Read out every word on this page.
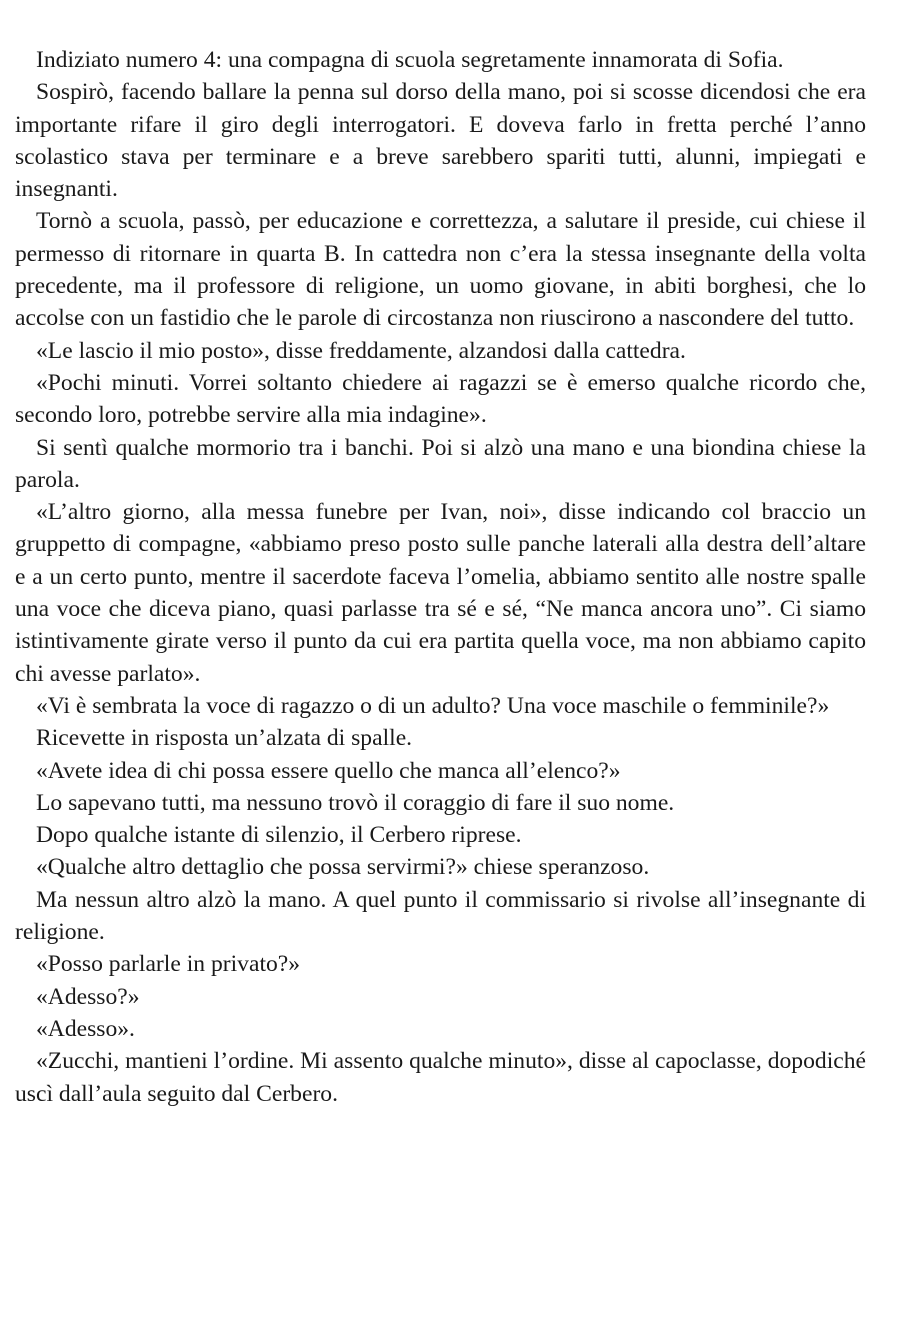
Indiziato numero 4: una compagna di scuola segretamente innamorata di Sofia.

Sospirò, facendo ballare la penna sul dorso della mano, poi si scosse dicendosi che era importante rifare il giro degli interrogatori. E doveva farlo in fretta perché l’anno scolastico stava per terminare e a breve sarebbero spariti tutti, alunni, impiegati e insegnanti.

Tornò a scuola, passò, per educazione e correttezza, a salutare il preside, cui chiese il permesso di ritornare in quarta B. In cattedra non c’era la stessa insegnante della volta precedente, ma il professore di religione, un uomo giovane, in abiti borghesi, che lo accolse con un fastidio che le parole di circostanza non riuscirono a nascondere del tutto.

«Le lascio il mio posto», disse freddamente, alzandosi dalla cattedra.

«Pochi minuti. Vorrei soltanto chiedere ai ragazzi se è emerso qualche ricordo che, secondo loro, potrebbe servire alla mia indagine».

Si sentì qualche mormorio tra i banchi. Poi si alzò una mano e una biondina chiese la parola.

«L’altro giorno, alla messa funebre per Ivan, noi», disse indicando col braccio un gruppetto di compagne, «abbiamo preso posto sulle panche laterali alla destra dell’altare e a un certo punto, mentre il sacerdote faceva l’omelia, abbiamo sentito alle nostre spalle una voce che diceva piano, quasi parlasse tra sé e sé, “Ne manca ancora uno”. Ci siamo istintivamente girate verso il punto da cui era partita quella voce, ma non abbiamo capito chi avesse parlato».

«Vi è sembrata la voce di ragazzo o di un adulto? Una voce maschile o femminile?»

Ricevette in risposta un’alzata di spalle.

«Avete idea di chi possa essere quello che manca all’elenco?»

Lo sapevano tutti, ma nessuno trovò il coraggio di fare il suo nome.

Dopo qualche istante di silenzio, il Cerbero riprese.

«Qualche altro dettaglio che possa servirmi?» chiese speranzoso.

Ma nessun altro alzò la mano. A quel punto il commissario si rivolse all’insegnante di religione.

«Posso parlarle in privato?»

«Adesso?»

«Adesso».

«Zucchi, mantieni l’ordine. Mi assento qualche minuto», disse al capoclasse, dopodiché uscì dall’aula seguito dal Cerbero.
